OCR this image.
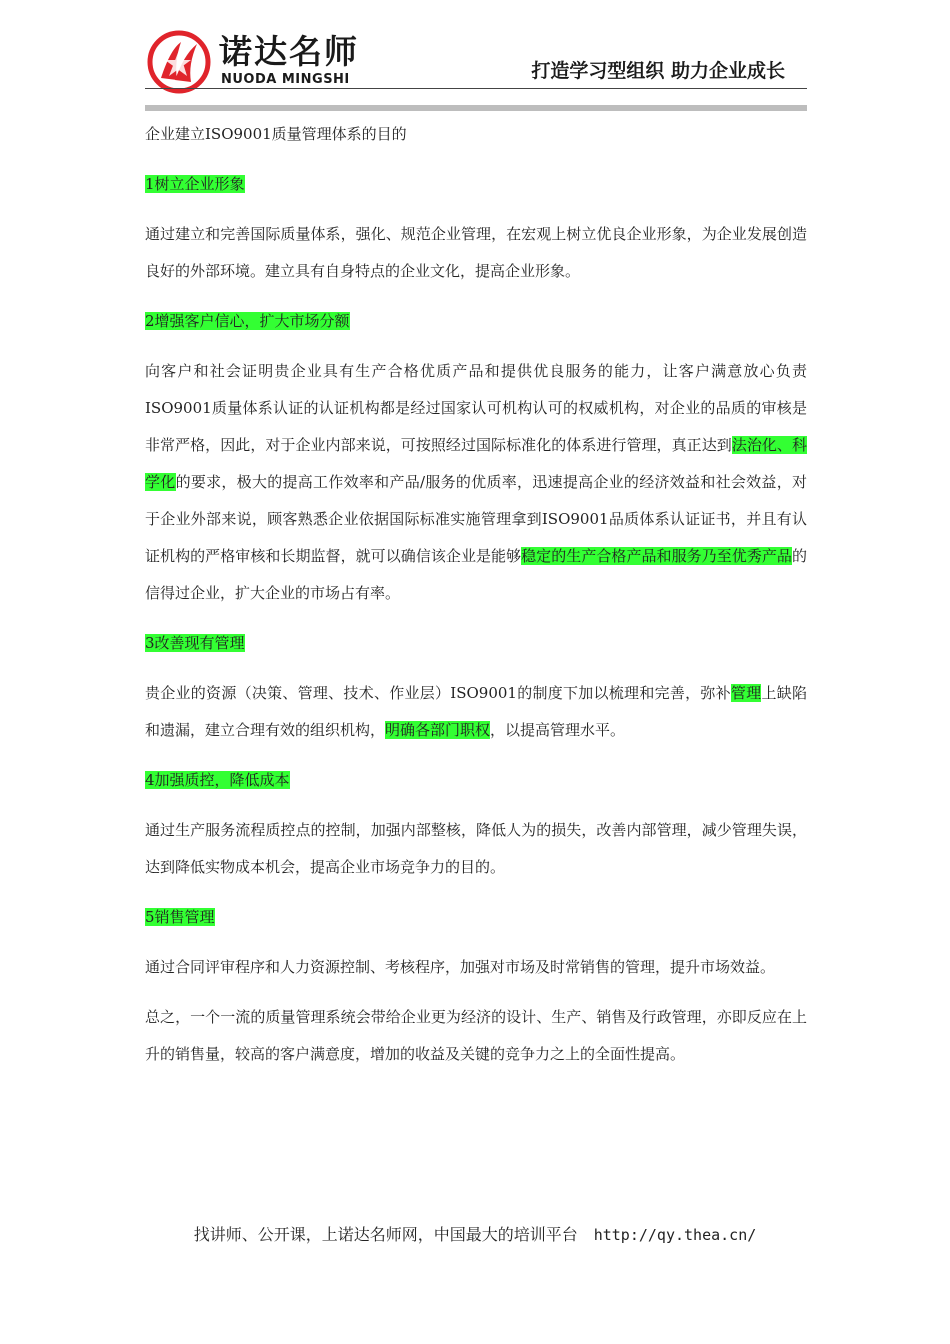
诺达名师
NUODA MINGSHI	打造学习型组织 助力企业成长

企业建立ISO9001质量管理体系的目的

1树立企业形象

通过建立和完善国际质量体系，强化、规范企业管理，在宏观上树立优良企业形象，为企业发展创造良好的外部环境。建立具有自身特点的企业文化，提高企业形象。

2增强客户信心，扩大市场分额

向客户和社会证明贵企业具有生产合格优质产品和提供优良服务的能力，让客户满意放心负责ISO9001质量体系认证的认证机构都是经过国家认可机构认可的权威机构，对企业的品质的审核是非常严格，因此，对于企业内部来说，可按照经过国际标准化的体系进行管理，真正达到法治化、科学化的要求，极大的提高工作效率和产品/服务的优质率，迅速提高企业的经济效益和社会效益，对于企业外部来说，顾客熟悉企业依据国际标准实施管理拿到ISO9001品质体系认证证书，并且有认证机构的严格审核和长期监督，就可以确信该企业是能够稳定的生产合格产品和服务乃至优秀产品的信得过企业，扩大企业的市场占有率。

3改善现有管理

贵企业的资源（决策、管理、技术、作业层）ISO9001的制度下加以梳理和完善，弥补管理上缺陷和遗漏，建立合理有效的组织机构，明确各部门职权，以提高管理水平。

4加强质控，降低成本

通过生产服务流程质控点的控制，加强内部整核，降低人为的损失，改善内部管理，减少管理失误，达到降低实物成本机会，提高企业市场竞争力的目的。

5销售管理

通过合同评审程序和人力资源控制、考核程序，加强对市场及时常销售的管理，提升市场效益。

总之，一个一流的质量管理系统会带给企业更为经济的设计、生产、销售及行政管理，亦即反应在上升的销售量，较高的客户满意度，增加的收益及关键的竞争力之上的全面性提高。

找讲师、公开课，上诺达名师网，中国最大的培训平台 http://qy.thea.cn/
